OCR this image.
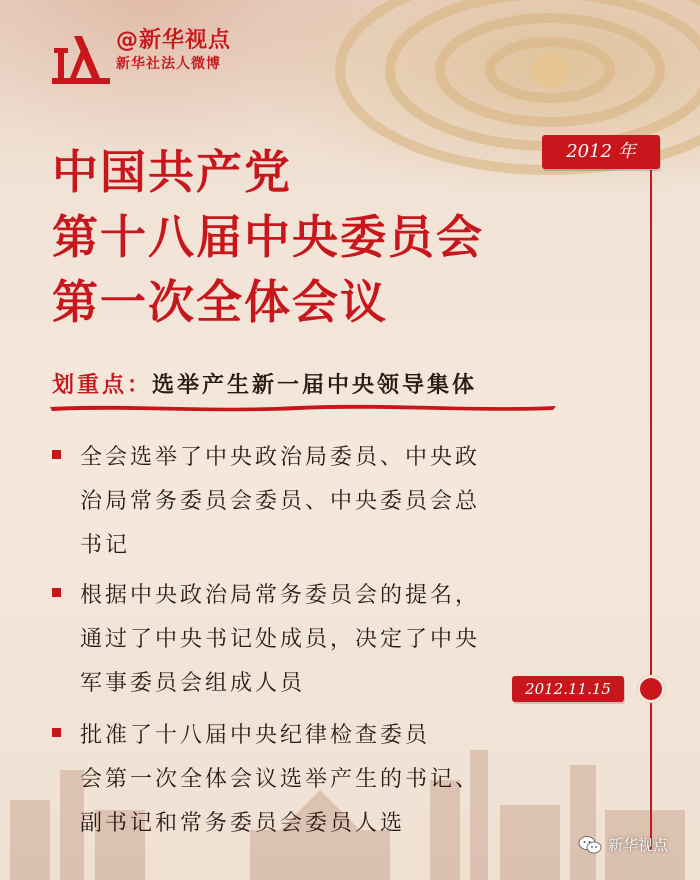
@新华视点
新华社法人微博
2012 年
2012.11.15
中国共产党
第十八届中央委员会
第一次全体会议
划重点：选举产生新一届中央领导集体
全会选举了中央政治局委员、中央政
治局常务委员会委员、中央委员会总
书记
根据中央政治局常务委员会的提名，
通过了中央书记处成员，决定了中央
军事委员会组成人员
批准了十八届中央纪律检查委员
会第一次全体会议选举产生的书记、
副书记和常务委员会委员人选
新华视点
